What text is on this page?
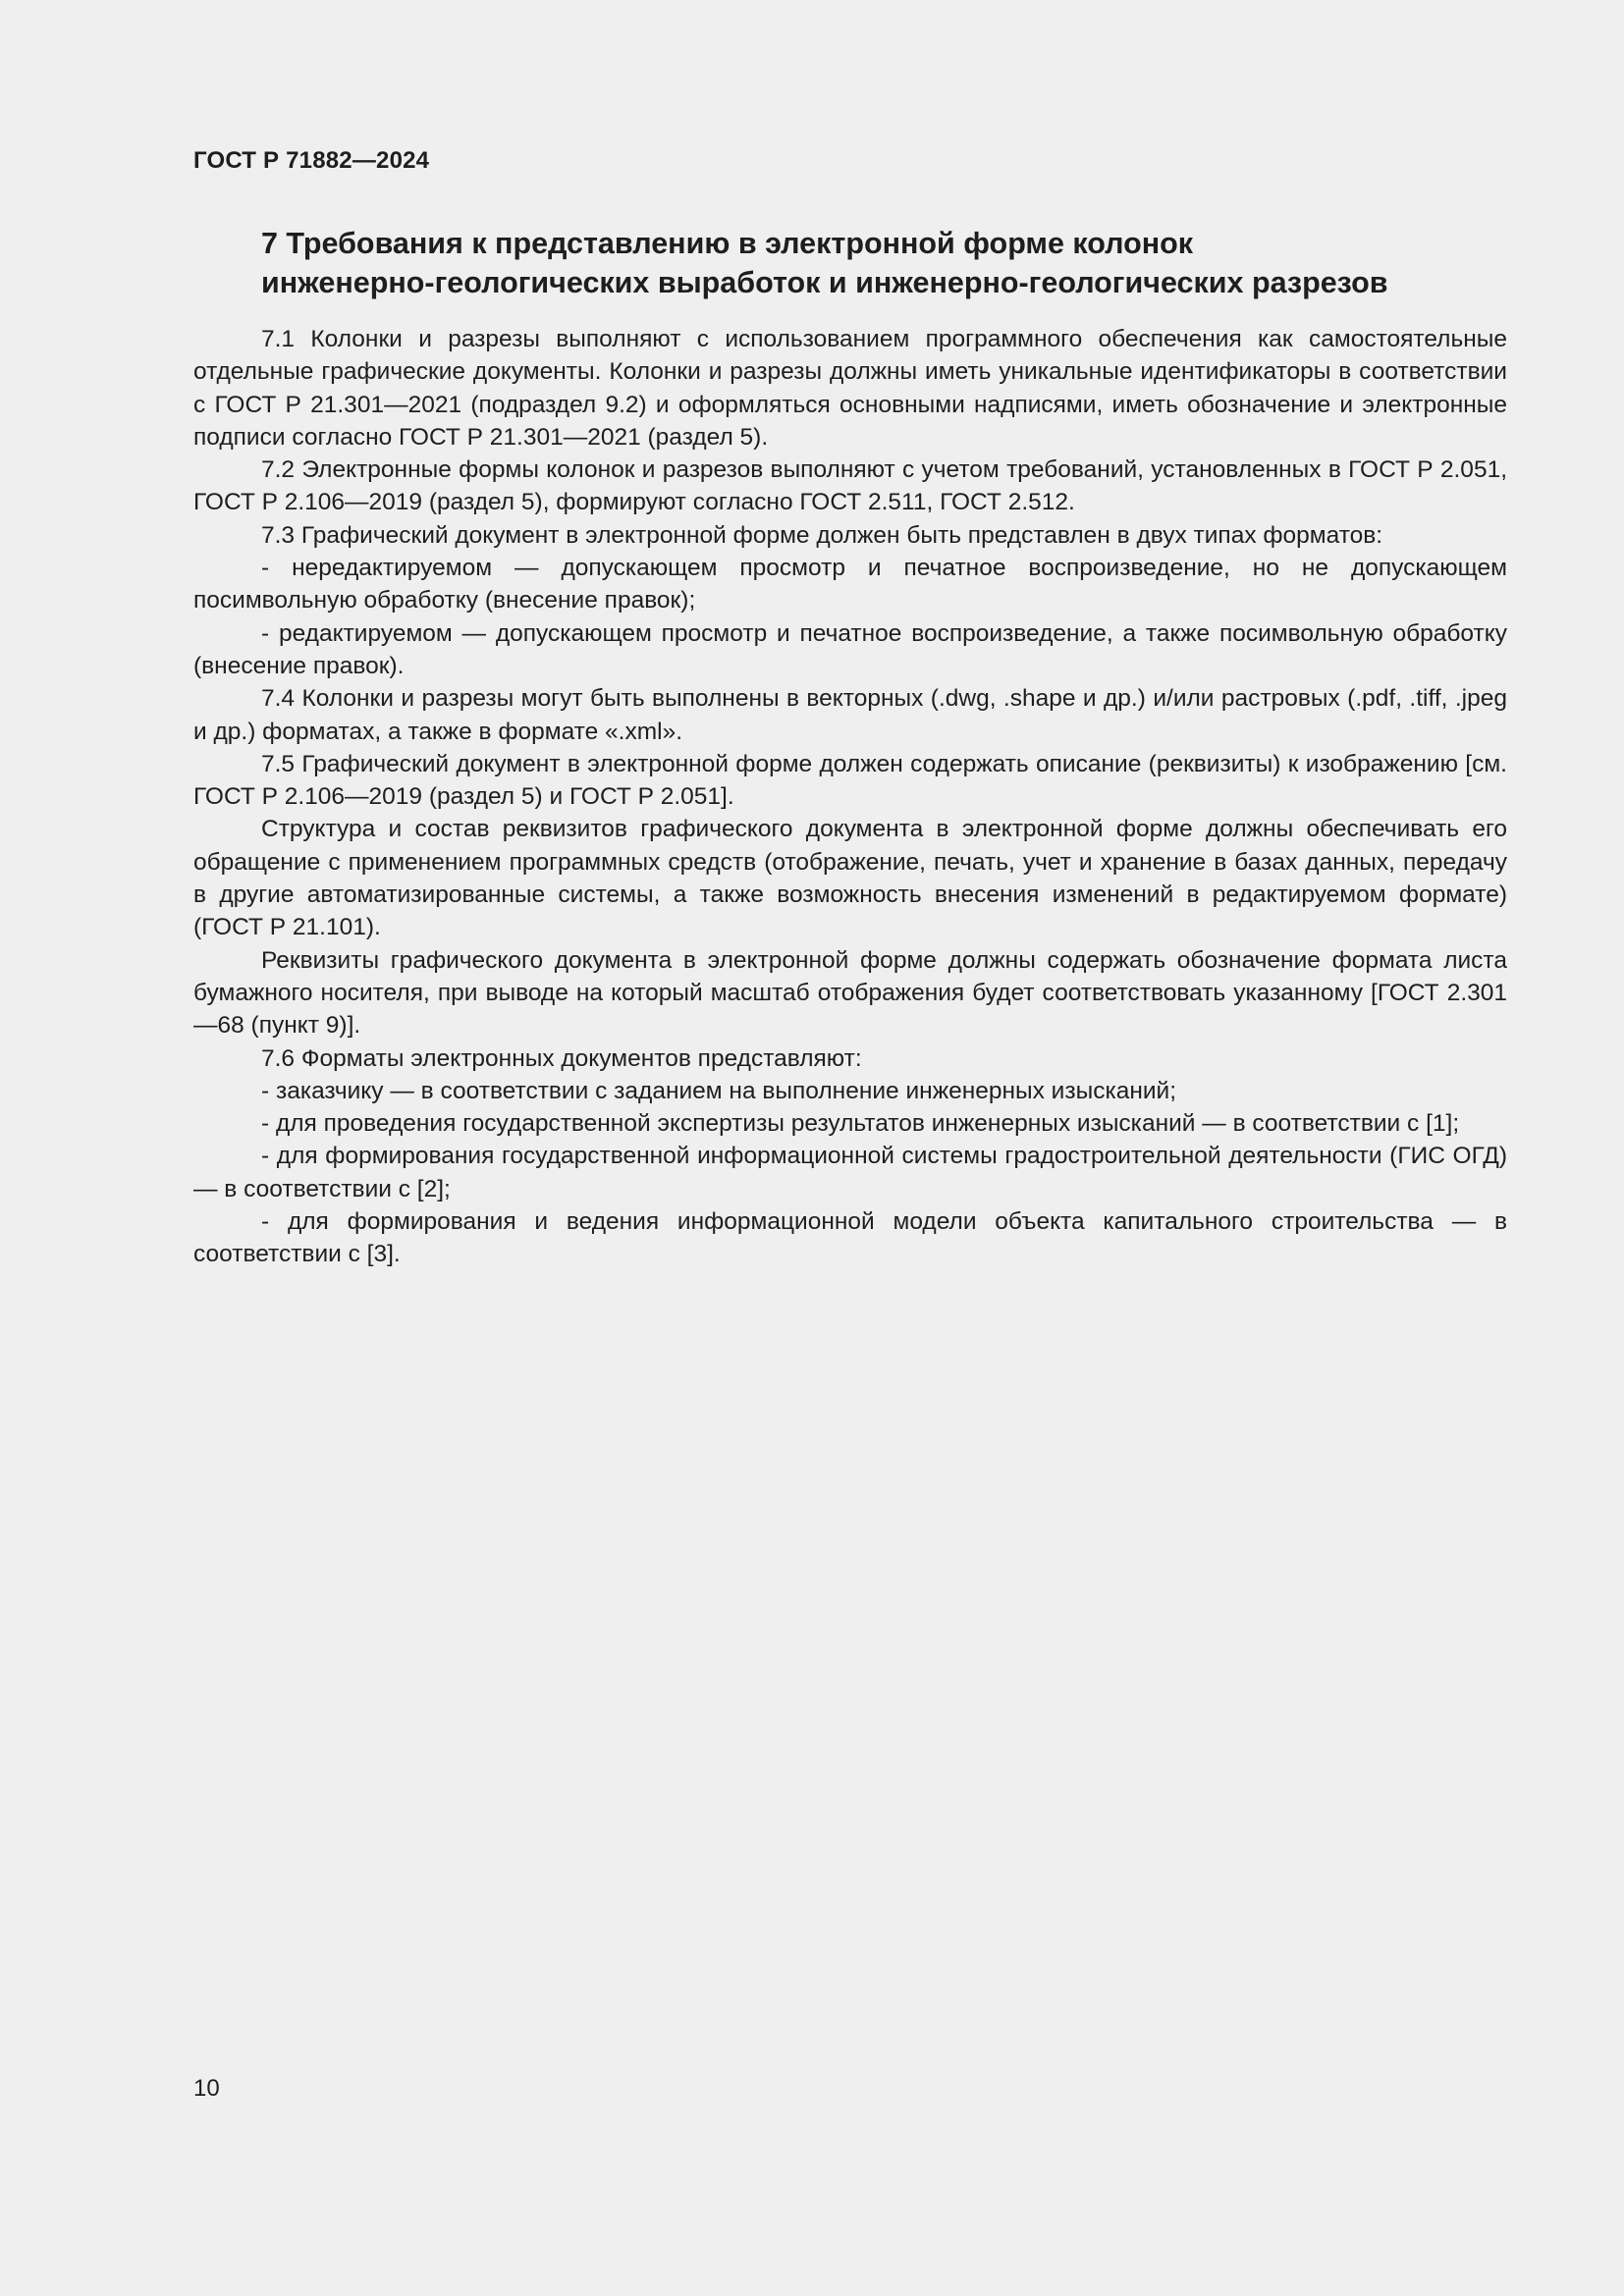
ГОСТ Р 71882—2024
7 Требования к представлению в электронной форме колонок
инженерно-геологических выработок и инженерно-геологических разрезов

7.1 Колонки и разрезы выполняют с использованием программного обеспечения как самостоятельные отдельные графические документы. Колонки и разрезы должны иметь уникальные идентификаторы в соответствии с ГОСТ Р 21.301—2021 (подраздел 9.2) и оформляться основными надписями, иметь обозначение и электронные подписи согласно ГОСТ Р 21.301—2021 (раздел 5).

7.2 Электронные формы колонок и разрезов выполняют с учетом требований, установленных в ГОСТ Р 2.051, ГОСТ Р 2.106—2019 (раздел 5), формируют согласно ГОСТ 2.511, ГОСТ 2.512.

7.3 Графический документ в электронной форме должен быть представлен в двух типах форматов:

- нередактируемом — допускающем просмотр и печатное воспроизведение, но не допускающем посимвольную обработку (внесение правок);

- редактируемом — допускающем просмотр и печатное воспроизведение, а также посимвольную обработку (внесение правок).

7.4 Колонки и разрезы могут быть выполнены в векторных (.dwg, .shape и др.) и/или растровых (.pdf, .tiff, .jpeg и др.) форматах, а также в формате «.xml».

7.5 Графический документ в электронной форме должен содержать описание (реквизиты) к изображению [см. ГОСТ Р 2.106—2019 (раздел 5) и ГОСТ Р 2.051].

Структура и состав реквизитов графического документа в электронной форме должны обеспечивать его обращение с применением программных средств (отображение, печать, учет и хранение в базах данных, передачу в другие автоматизированные системы, а также возможность внесения изменений в редактируемом формате) (ГОСТ Р 21.101).

Реквизиты графического документа в электронной форме должны содержать обозначение формата листа бумажного носителя, при выводе на который масштаб отображения будет соответствовать указанному [ГОСТ 2.301—68 (пункт 9)].

7.6 Форматы электронных документов представляют:

- заказчику — в соответствии с заданием на выполнение инженерных изысканий;

- для проведения государственной экспертизы результатов инженерных изысканий — в соответствии с [1];

- для формирования государственной информационной системы градостроительной деятельности (ГИС ОГД) — в соответствии с [2];

- для формирования и ведения информационной модели объекта капитального строительства — в соответствии с [3].

10
